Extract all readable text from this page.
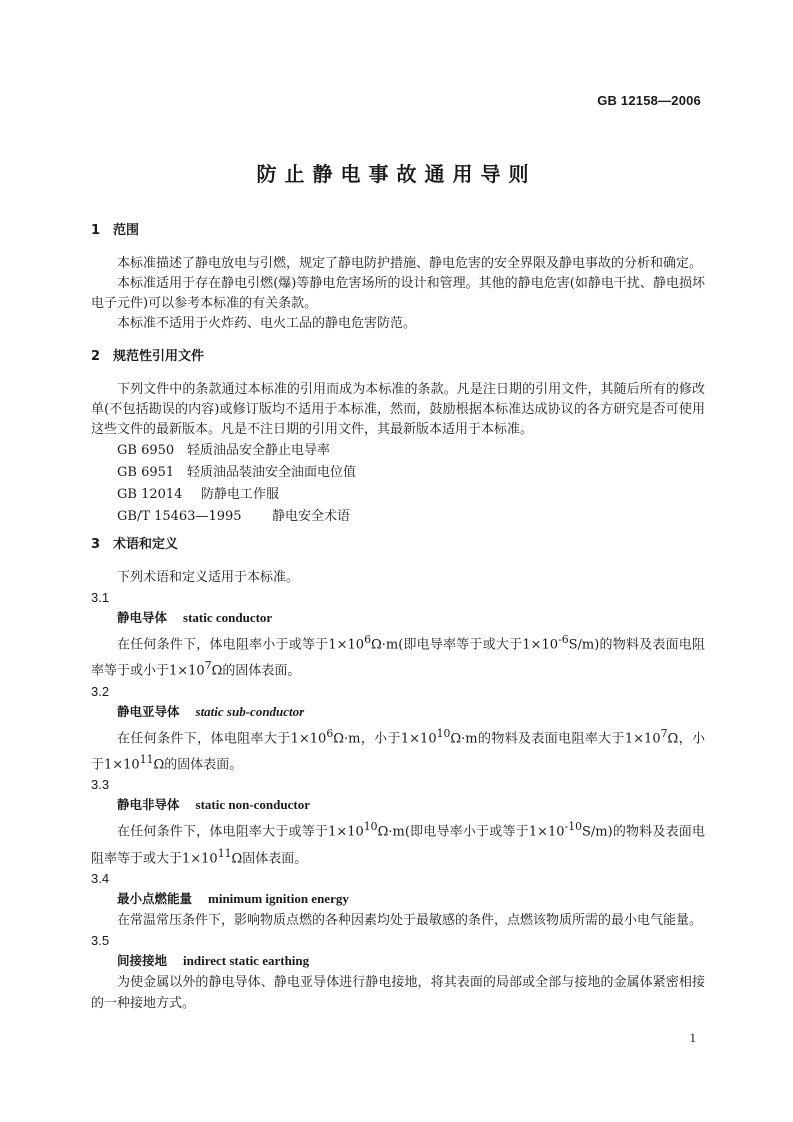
GB 12158—2006
防止静电事故通用导则

1 范围

本标准描述了静电放电与引燃，规定了静电防护措施、静电危害的安全界限及静电事故的分析和确定。

本标准适用于存在静电引燃(爆)等静电危害场所的设计和管理。其他的静电危害(如静电干扰、静电损坏电子元件)可以参考本标准的有关条款。

本标准不适用于火炸药、电火工品的静电危害防范。

2 规范性引用文件

下列文件中的条款通过本标准的引用而成为本标准的条款。凡是注日期的引用文件，其随后所有的修改单(不包括勘误的内容)或修订版均不适用于本标准，然而，鼓励根据本标准达成协议的各方研究是否可使用这些文件的最新版本。凡是不注日期的引用文件，其最新版本适用于本标准。

GB 6950 轻质油品安全静止电导率

GB 6951 轻质油品装油安全油面电位值

GB 12014 防静电工作服

GB/T 15463—1995 静电安全术语

3 术语和定义

下列术语和定义适用于本标准。

3.1

静电导体 static conductor

在任何条件下，体电阻率小于或等于$1\times 10^6\Omega\cdot m$(即电导率等于或大于$1\times 10^{-6}S/m$)的物料及表面电阻率等于或小于$1\times 10^7\Omega$的固体表面。

3.2

静电亚导体 static sub-conductor

在任何条件下，体电阻率大于$1\times 10^6\Omega\cdot m$，小于$1\times 10^{10}\Omega\cdot m$的物料及表面电阻率大于$1\times 10^7\Omega$，小于$1\times 10^{11}\Omega$的固体表面。

3.3

静电非导体 static non-conductor

在任何条件下，体电阻率大于或等于$1\times 10^{10}\Omega\cdot m$(即电导率小于或等于$1\times 10^{-10}S/m$)的物料及表面电阻率等于或大于$1\times 10^{11}\Omega$固体表面。

3.4

最小点燃能量 minimum ignition energy

在常温常压条件下，影响物质点燃的各种因素均处于最敏感的条件，点燃该物质所需的最小电气能量。

3.5

间接接地 indirect static earthing

为使金属以外的静电导体、静电亚导体进行静电接地，将其表面的局部或全部与接地的金属体紧密相接的一种接地方式。

1
